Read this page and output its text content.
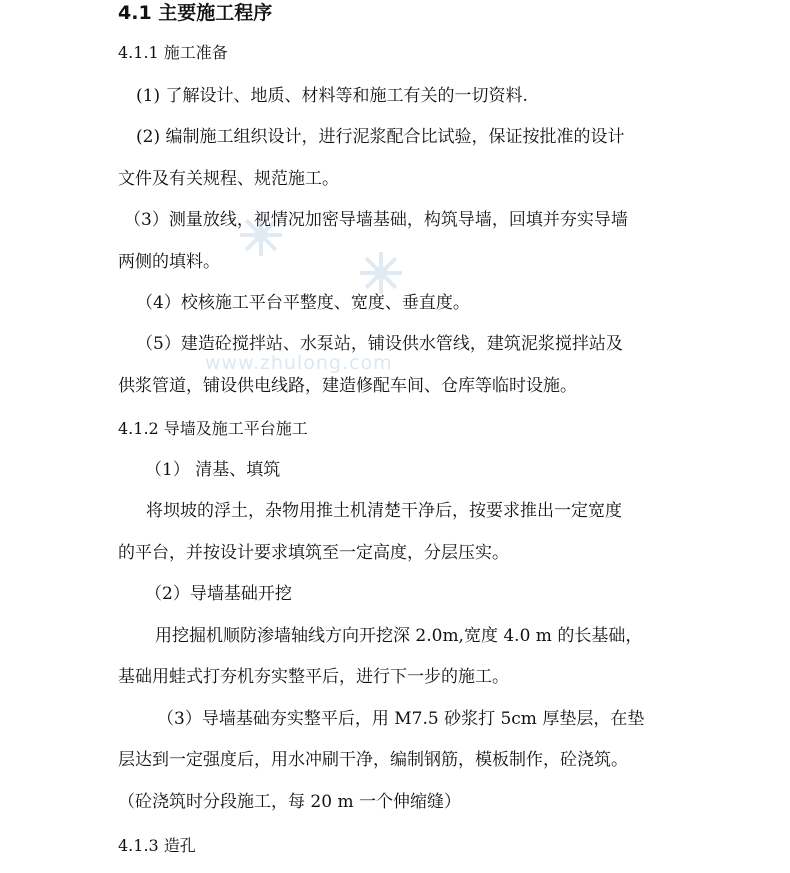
www.zhulong.com
4.1 主要施工程序
4.1.1 施工准备
(1) 了解设计、地质、材料等和施工有关的一切资料.
(2) 编制施工组织设计，进行泥浆配合比试验，保证按批准的设计
文件及有关规程、规范施工。
（3）测量放线，视情况加密导墙基础，构筑导墙，回填并夯实导墙
两侧的填料。
（4）校核施工平台平整度、宽度、垂直度。
（5）建造砼搅拌站、水泵站，铺设供水管线，建筑泥浆搅拌站及
供浆管道，铺设供电线路，建造修配车间、仓库等临时设施。
4.1.2 导墙及施工平台施工
（1） 清基、填筑
将坝坡的浮土，杂物用推土机清楚干净后，按要求推出一定宽度
的平台，并按设计要求填筑至一定高度，分层压实。
（2）导墙基础开挖
用挖掘机顺防渗墙轴线方向开挖深 2.0m,宽度 4.0 m 的长基础，
基础用蛙式打夯机夯实整平后，进行下一步的施工。
（3）导墙基础夯实整平后，用 M7.5 砂浆打 5cm 厚垫层，在垫
层达到一定强度后，用水冲刷干净，编制钢筋，模板制作，砼浇筑。
（砼浇筑时分段施工，每 20 m 一个伸缩缝）
4.1.3 造孔
